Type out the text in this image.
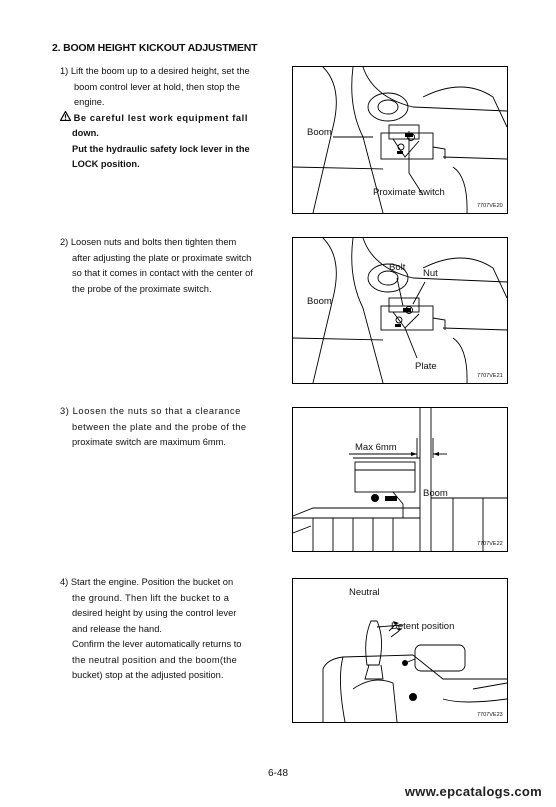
2. BOOM HEIGHT KICKOUT ADJUSTMENT
1) Lift the boom up to a desired height, set the
boom control lever at hold, then stop the
engine.
Be careful lest work equipment fall
down.
Put the hydraulic safety lock lever in the
LOCK position.
2) Loosen nuts and bolts then tighten them
after adjusting the plate or proximate switch
so that it comes in contact with the center of
the probe of the proximate switch.
3) Loosen the nuts so that a clearance
between the plate and the probe of the
proximate switch are maximum 6mm.
4) Start the engine. Position the bucket on
the ground. Then lift the bucket to a
desired height by using the control lever
and release the hand.
Confirm the lever automatically returns to
the neutral position and the boom(the
bucket) stop at the adjusted position.
Boom
Proximate switch
7707VE20
Bolt
Nut
Boom
Plate
7707VE21
Max 6mm
Boom
7707VE22
Neutral
Detent position
7707VE23
6-48
www.epcatalogs.com
